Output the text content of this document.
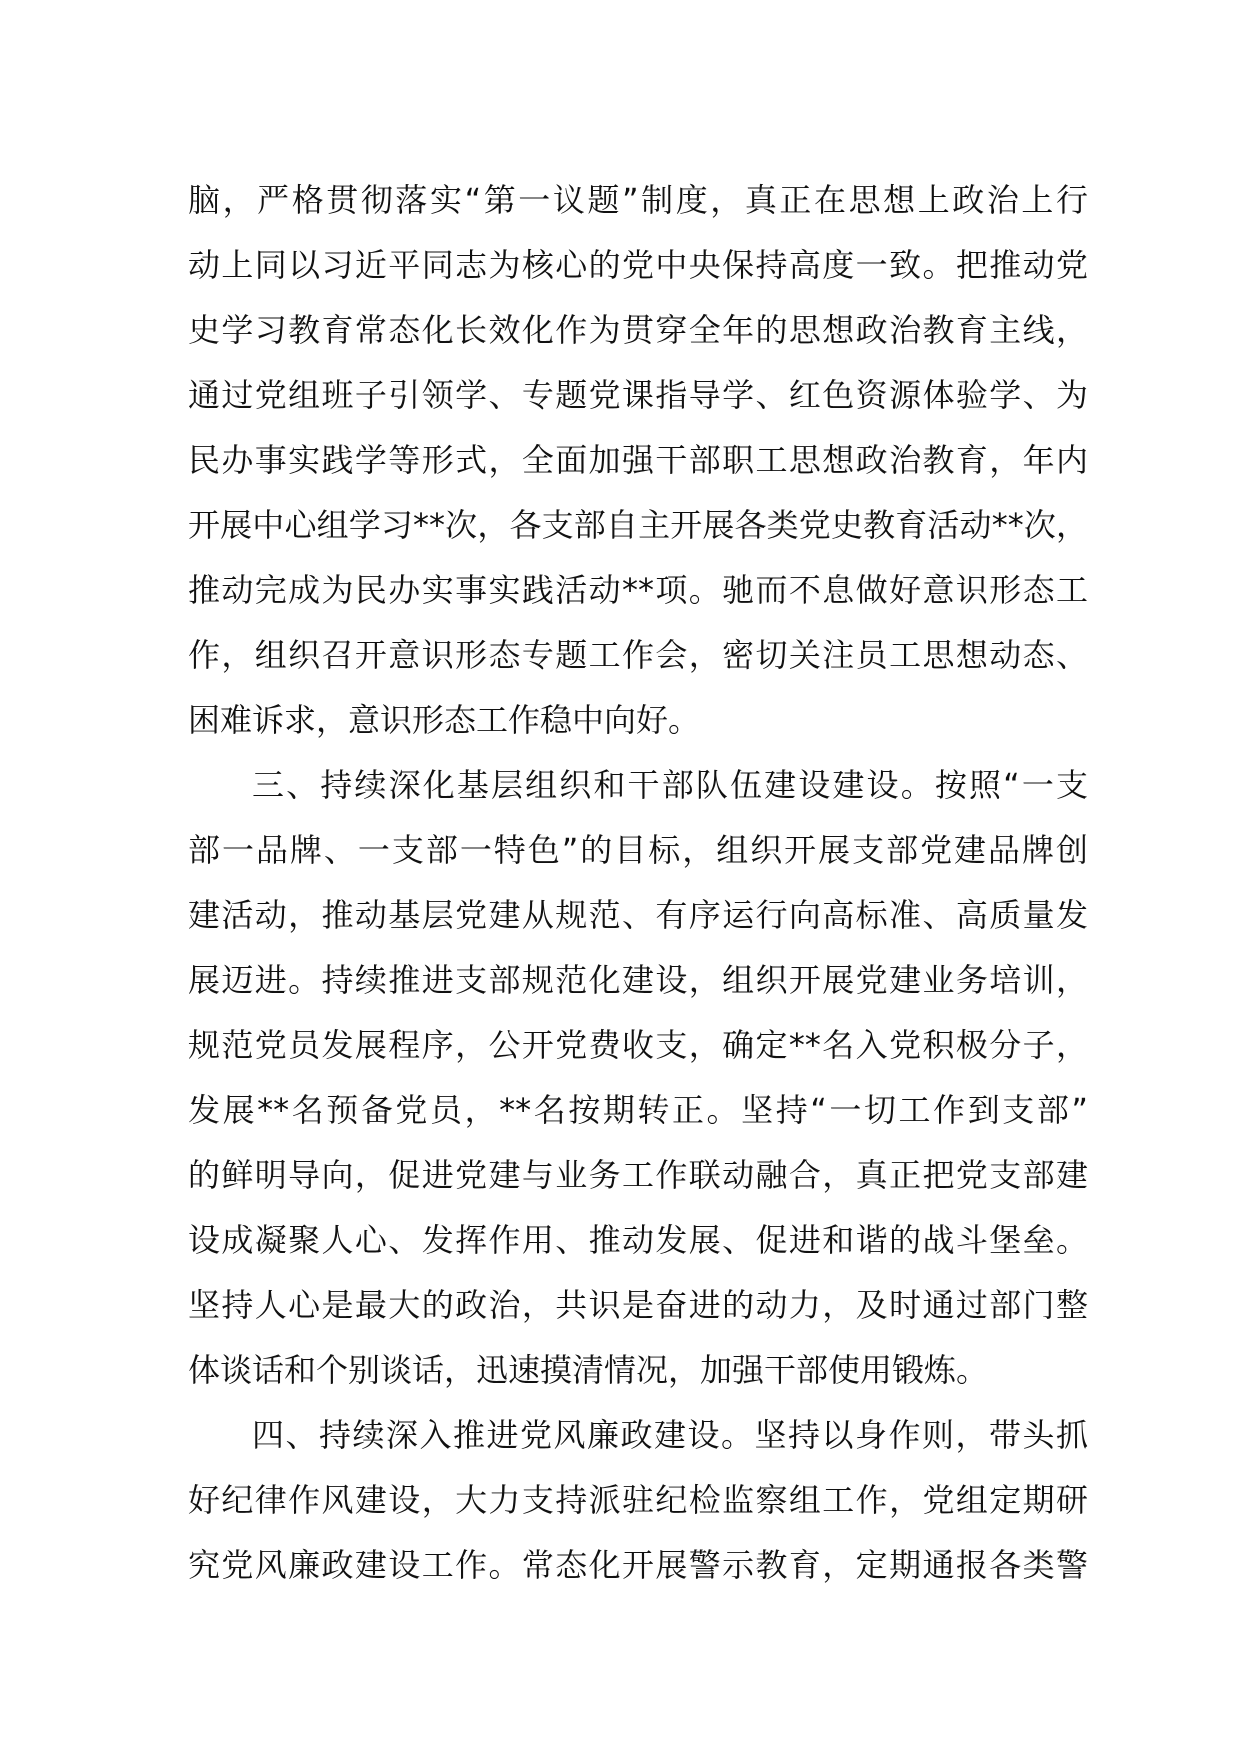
脑，严格贯彻落实“第一议题”制度，真正在思想上政治上行
动上同以习近平同志为核心的党中央保持高度一致。把推动党
史学习教育常态化长效化作为贯穿全年的思想政治教育主线，
通过党组班子引领学、专题党课指导学、红色资源体验学、为
民办事实践学等形式，全面加强干部职工思想政治教育，年内
开展中心组学习**次，各支部自主开展各类党史教育活动**次，
推动完成为民办实事实践活动**项。驰而不息做好意识形态工
作，组织召开意识形态专题工作会，密切关注员工思想动态、
困难诉求，意识形态工作稳中向好。
三、持续深化基层组织和干部队伍建设建设。按照“一支
部一品牌、一支部一特色”的目标，组织开展支部党建品牌创
建活动，推动基层党建从规范、有序运行向高标准、高质量发
展迈进。持续推进支部规范化建设，组织开展党建业务培训，
规范党员发展程序，公开党费收支，确定**名入党积极分子，
发展**名预备党员，**名按期转正。坚持“一切工作到支部”
的鲜明导向，促进党建与业务工作联动融合，真正把党支部建
设成凝聚人心、发挥作用、推动发展、促进和谐的战斗堡垒。
坚持人心是最大的政治，共识是奋进的动力，及时通过部门整
体谈话和个别谈话，迅速摸清情况，加强干部使用锻炼。
四、持续深入推进党风廉政建设。坚持以身作则，带头抓
好纪律作风建设，大力支持派驻纪检监察组工作，党组定期研
究党风廉政建设工作。常态化开展警示教育，定期通报各类警
